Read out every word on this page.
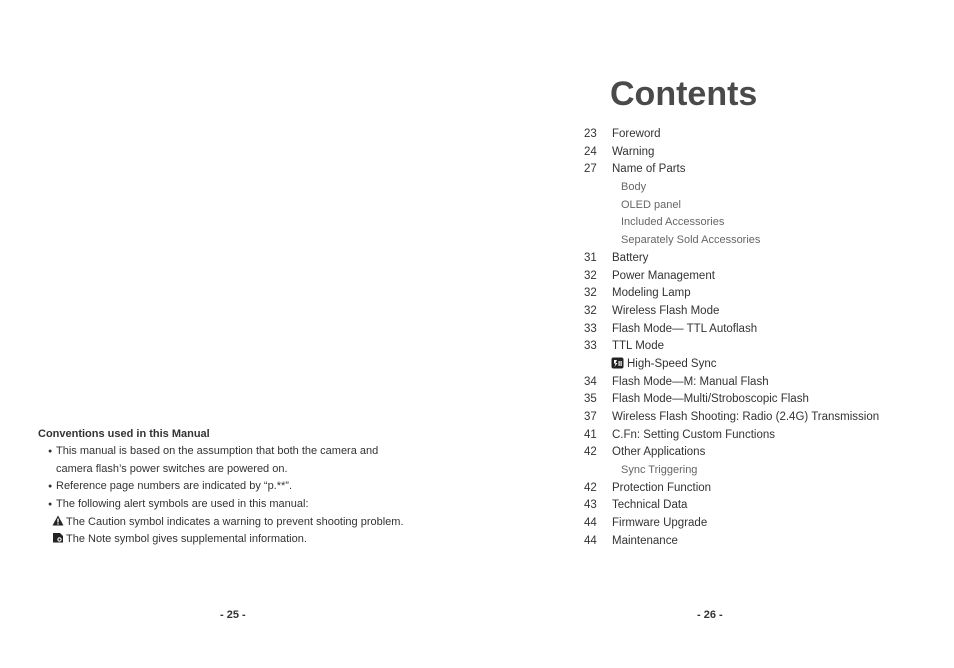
Conventions used in this Manual
● This manual is based on the assumption that both the camera and
camera flash’s power switches are powered on.
● Reference page numbers are indicated by “p.**”.
● The following alert symbols are used in this manual:
The Caution symbol indicates a warning to prevent shooting problem.
The Note symbol gives supplemental information.
- 25 -
Contents
23 Foreword
24 Warning
27 Name of Parts
Body
OLED panel
Included Accessories
Separately Sold Accessories
31 Battery
32 Power Management
32 Modeling Lamp
32 Wireless Flash Mode
33 Flash Mode— TTL Autoflash
33 TTL Mode
High-Speed Sync
34 Flash Mode—M: Manual Flash
35 Flash Mode—Multi/Stroboscopic Flash
37 Wireless Flash Shooting: Radio (2.4G) Transmission
41 C.Fn: Setting Custom Functions
42 Other Applications
Sync Triggering
42 Protection Function
43 Technical Data
44 Firmware Upgrade
44 Maintenance
- 26 -
